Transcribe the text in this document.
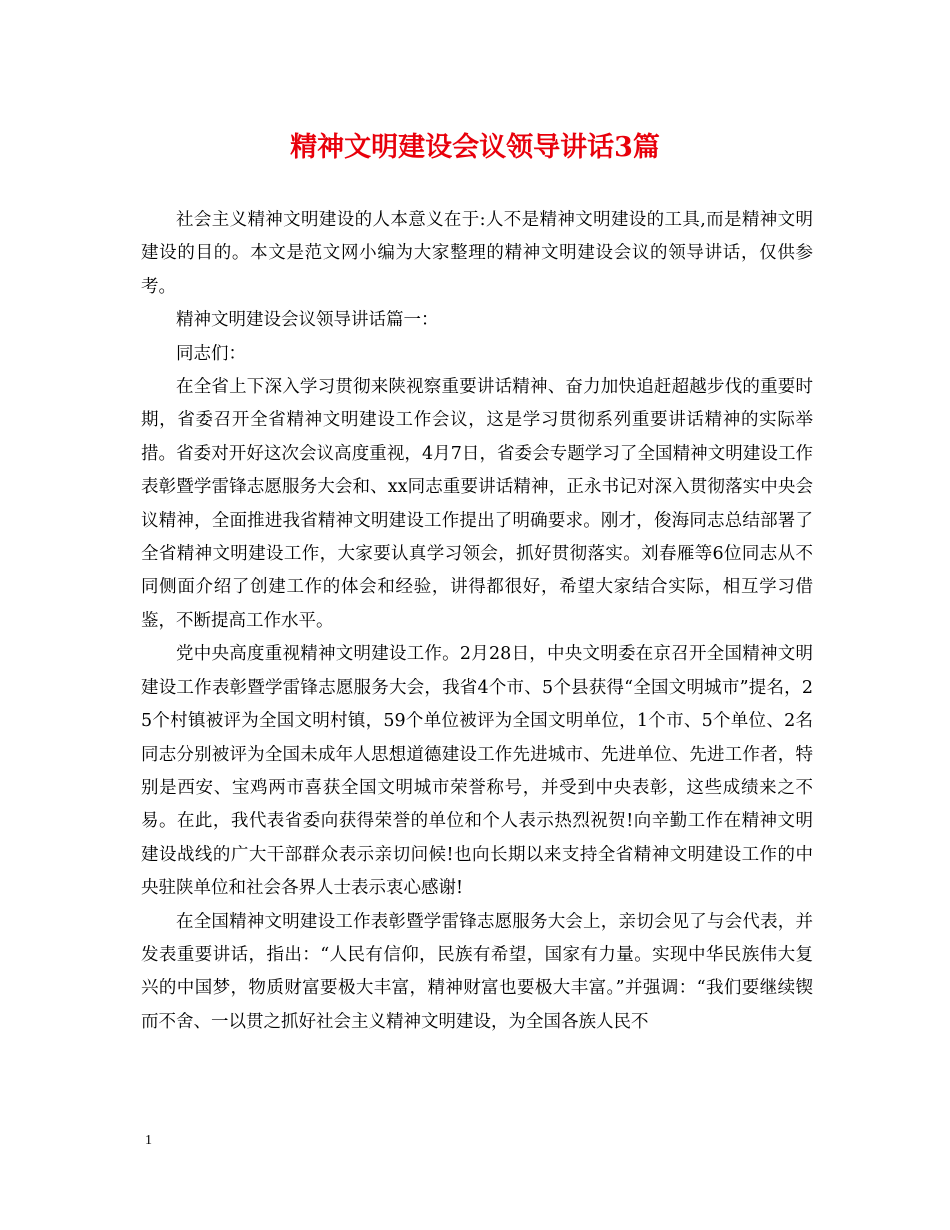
精神文明建设会议领导讲话3篇

社会主义精神文明建设的人本意义在于:人不是精神文明建设的工具,而是精神文明建设的目的。本文是范文网小编为大家整理的精神文明建设会议的领导讲话，仅供参考。

精神文明建设会议领导讲话篇一：

同志们：

在全省上下深入学习贯彻来陕视察重要讲话精神、奋力加快追赶超越步伐的重要时期，省委召开全省精神文明建设工作会议，这是学习贯彻系列重要讲话精神的实际举措。省委对开好这次会议高度重视，4月7日，省委会专题学习了全国精神文明建设工作表彰暨学雷锋志愿服务大会和、xx同志重要讲话精神，正永书记对深入贯彻落实中央会议精神，全面推进我省精神文明建设工作提出了明确要求。刚才，俊海同志总结部署了全省精神文明建设工作，大家要认真学习领会，抓好贯彻落实。刘春雁等6位同志从不同侧面介绍了创建工作的体会和经验，讲得都很好，希望大家结合实际，相互学习借鉴，不断提高工作水平。

党中央高度重视精神文明建设工作。2月28日，中央文明委在京召开全国精神文明建设工作表彰暨学雷锋志愿服务大会，我省4个市、5个县获得“全国文明城市”提名，25个村镇被评为全国文明村镇，59个单位被评为全国文明单位，1个市、5个单位、2名同志分别被评为全国未成年人思想道德建设工作先进城市、先进单位、先进工作者，特别是西安、宝鸡两市喜获全国文明城市荣誉称号，并受到中央表彰，这些成绩来之不易。在此，我代表省委向获得荣誉的单位和个人表示热烈祝贺!向辛勤工作在精神文明建设战线的广大干部群众表示亲切问候!也向长期以来支持全省精神文明建设工作的中央驻陕单位和社会各界人士表示衷心感谢!

在全国精神文明建设工作表彰暨学雷锋志愿服务大会上，亲切会见了与会代表，并发表重要讲话，指出：“人民有信仰，民族有希望，国家有力量。实现中华民族伟大复兴的中国梦，物质财富要极大丰富，精神财富也要极大丰富。”并强调：“我们要继续锲而不舍、一以贯之抓好社会主义精神文明建设，为全国各族人民不

1
